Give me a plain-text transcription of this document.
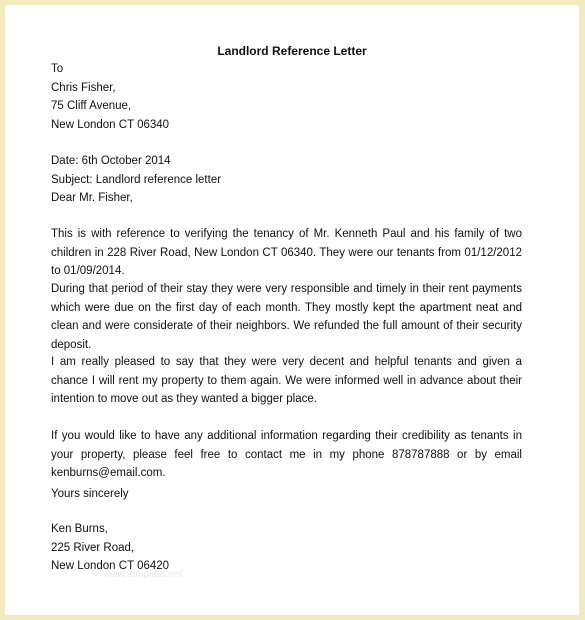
Landlord Reference Letter
To
Chris Fisher,
75 Cliff Avenue,
New London CT 06340
Date: 6th October 2014
Subject: Landlord reference letter
Dear Mr. Fisher,
This is with reference to verifying the tenancy of Mr. Kenneth Paul and his family of two children in 228 River Road, New London CT 06340. They were our tenants from 01/12/2012 to 01/09/2014.
During that period of their stay they were very responsible and timely in their rent payments which were due on the first day of each month. They mostly kept the apartment neat and clean and were considerate of their neighbors. We refunded the full amount of their security deposit.
I am really pleased to say that they were very decent and helpful tenants and given a chance I will rent my property to them again. We were informed well in advance about their intention to move out as they wanted a bigger place.
If you would like to have any additional information regarding their credibility as tenants in your property, please feel free to contact me in my phone 878787888 or by email kenburns@email.com.
Yours sincerely
Ken Burns,
225 River Road,
New London CT 06420
www.template.net
